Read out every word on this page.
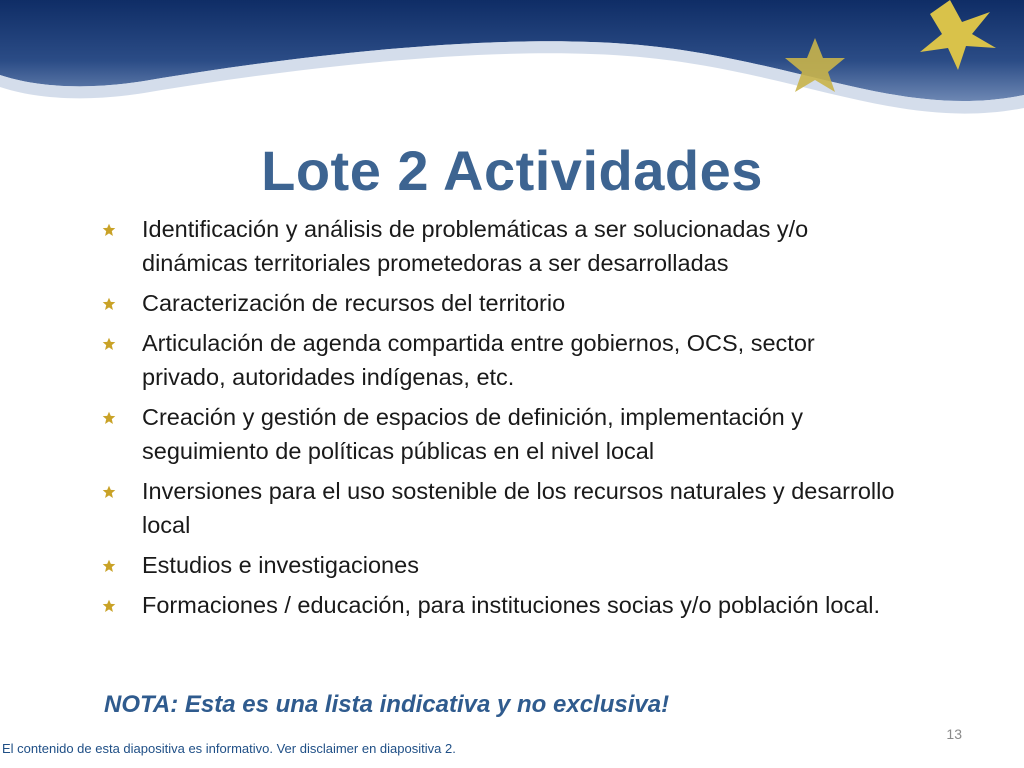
Lote 2 Actividades
Identificación y análisis de problemáticas a ser solucionadas y/o dinámicas territoriales prometedoras a ser desarrolladas
Caracterización de recursos del territorio
Articulación de agenda compartida entre gobiernos, OCS, sector privado, autoridades indígenas, etc.
Creación y gestión de espacios de definición, implementación y seguimiento de políticas públicas en el nivel local
Inversiones para el uso sostenible de los recursos naturales y desarrollo local
Estudios e investigaciones
Formaciones / educación, para instituciones socias y/o población local.
NOTA: Esta es una lista indicativa y no exclusiva!
13
El contenido de esta diapositiva es informativo. Ver disclaimer en diapositiva 2.
